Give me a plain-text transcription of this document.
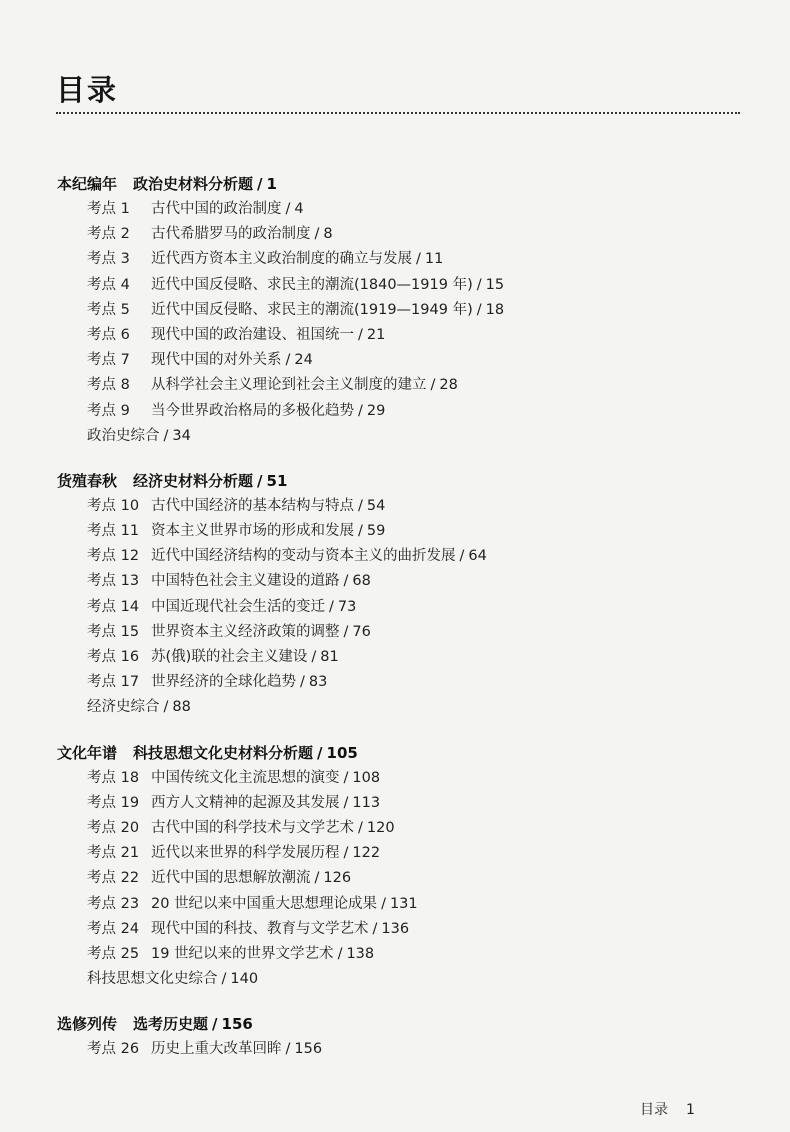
目录
本纪编年 政治史材料分析题 / 1
考点 1 古代中国的政治制度 / 4
考点 2 古代希腊罗马的政治制度 / 8
考点 3 近代西方资本主义政治制度的确立与发展 / 11
考点 4 近代中国反侵略、求民主的潮流(1840—1919 年) / 15
考点 5 近代中国反侵略、求民主的潮流(1919—1949 年) / 18
考点 6 现代中国的政治建设、祖国统一 / 21
考点 7 现代中国的对外关系 / 24
考点 8 从科学社会主义理论到社会主义制度的建立 / 28
考点 9 当今世界政治格局的多极化趋势 / 29
政治史综合 / 34
货殖春秋 经济史材料分析题 / 51
考点 10 古代中国经济的基本结构与特点 / 54
考点 11 资本主义世界市场的形成和发展 / 59
考点 12 近代中国经济结构的变动与资本主义的曲折发展 / 64
考点 13 中国特色社会主义建设的道路 / 68
考点 14 中国近现代社会生活的变迁 / 73
考点 15 世界资本主义经济政策的调整 / 76
考点 16 苏(俄)联的社会主义建设 / 81
考点 17 世界经济的全球化趋势 / 83
经济史综合 / 88
文化年谱 科技思想文化史材料分析题 / 105
考点 18 中国传统文化主流思想的演变 / 108
考点 19 西方人文精神的起源及其发展 / 113
考点 20 古代中国的科学技术与文学艺术 / 120
考点 21 近代以来世界的科学发展历程 / 122
考点 22 近代中国的思想解放潮流 / 126
考点 23 20 世纪以来中国重大思想理论成果 / 131
考点 24 现代中国的科技、教育与文学艺术 / 136
考点 25 19 世纪以来的世界文学艺术 / 138
科技思想文化史综合 / 140
选修列传 选考历史题 / 156
考点 26 历史上重大改革回眸 / 156
目录 1
